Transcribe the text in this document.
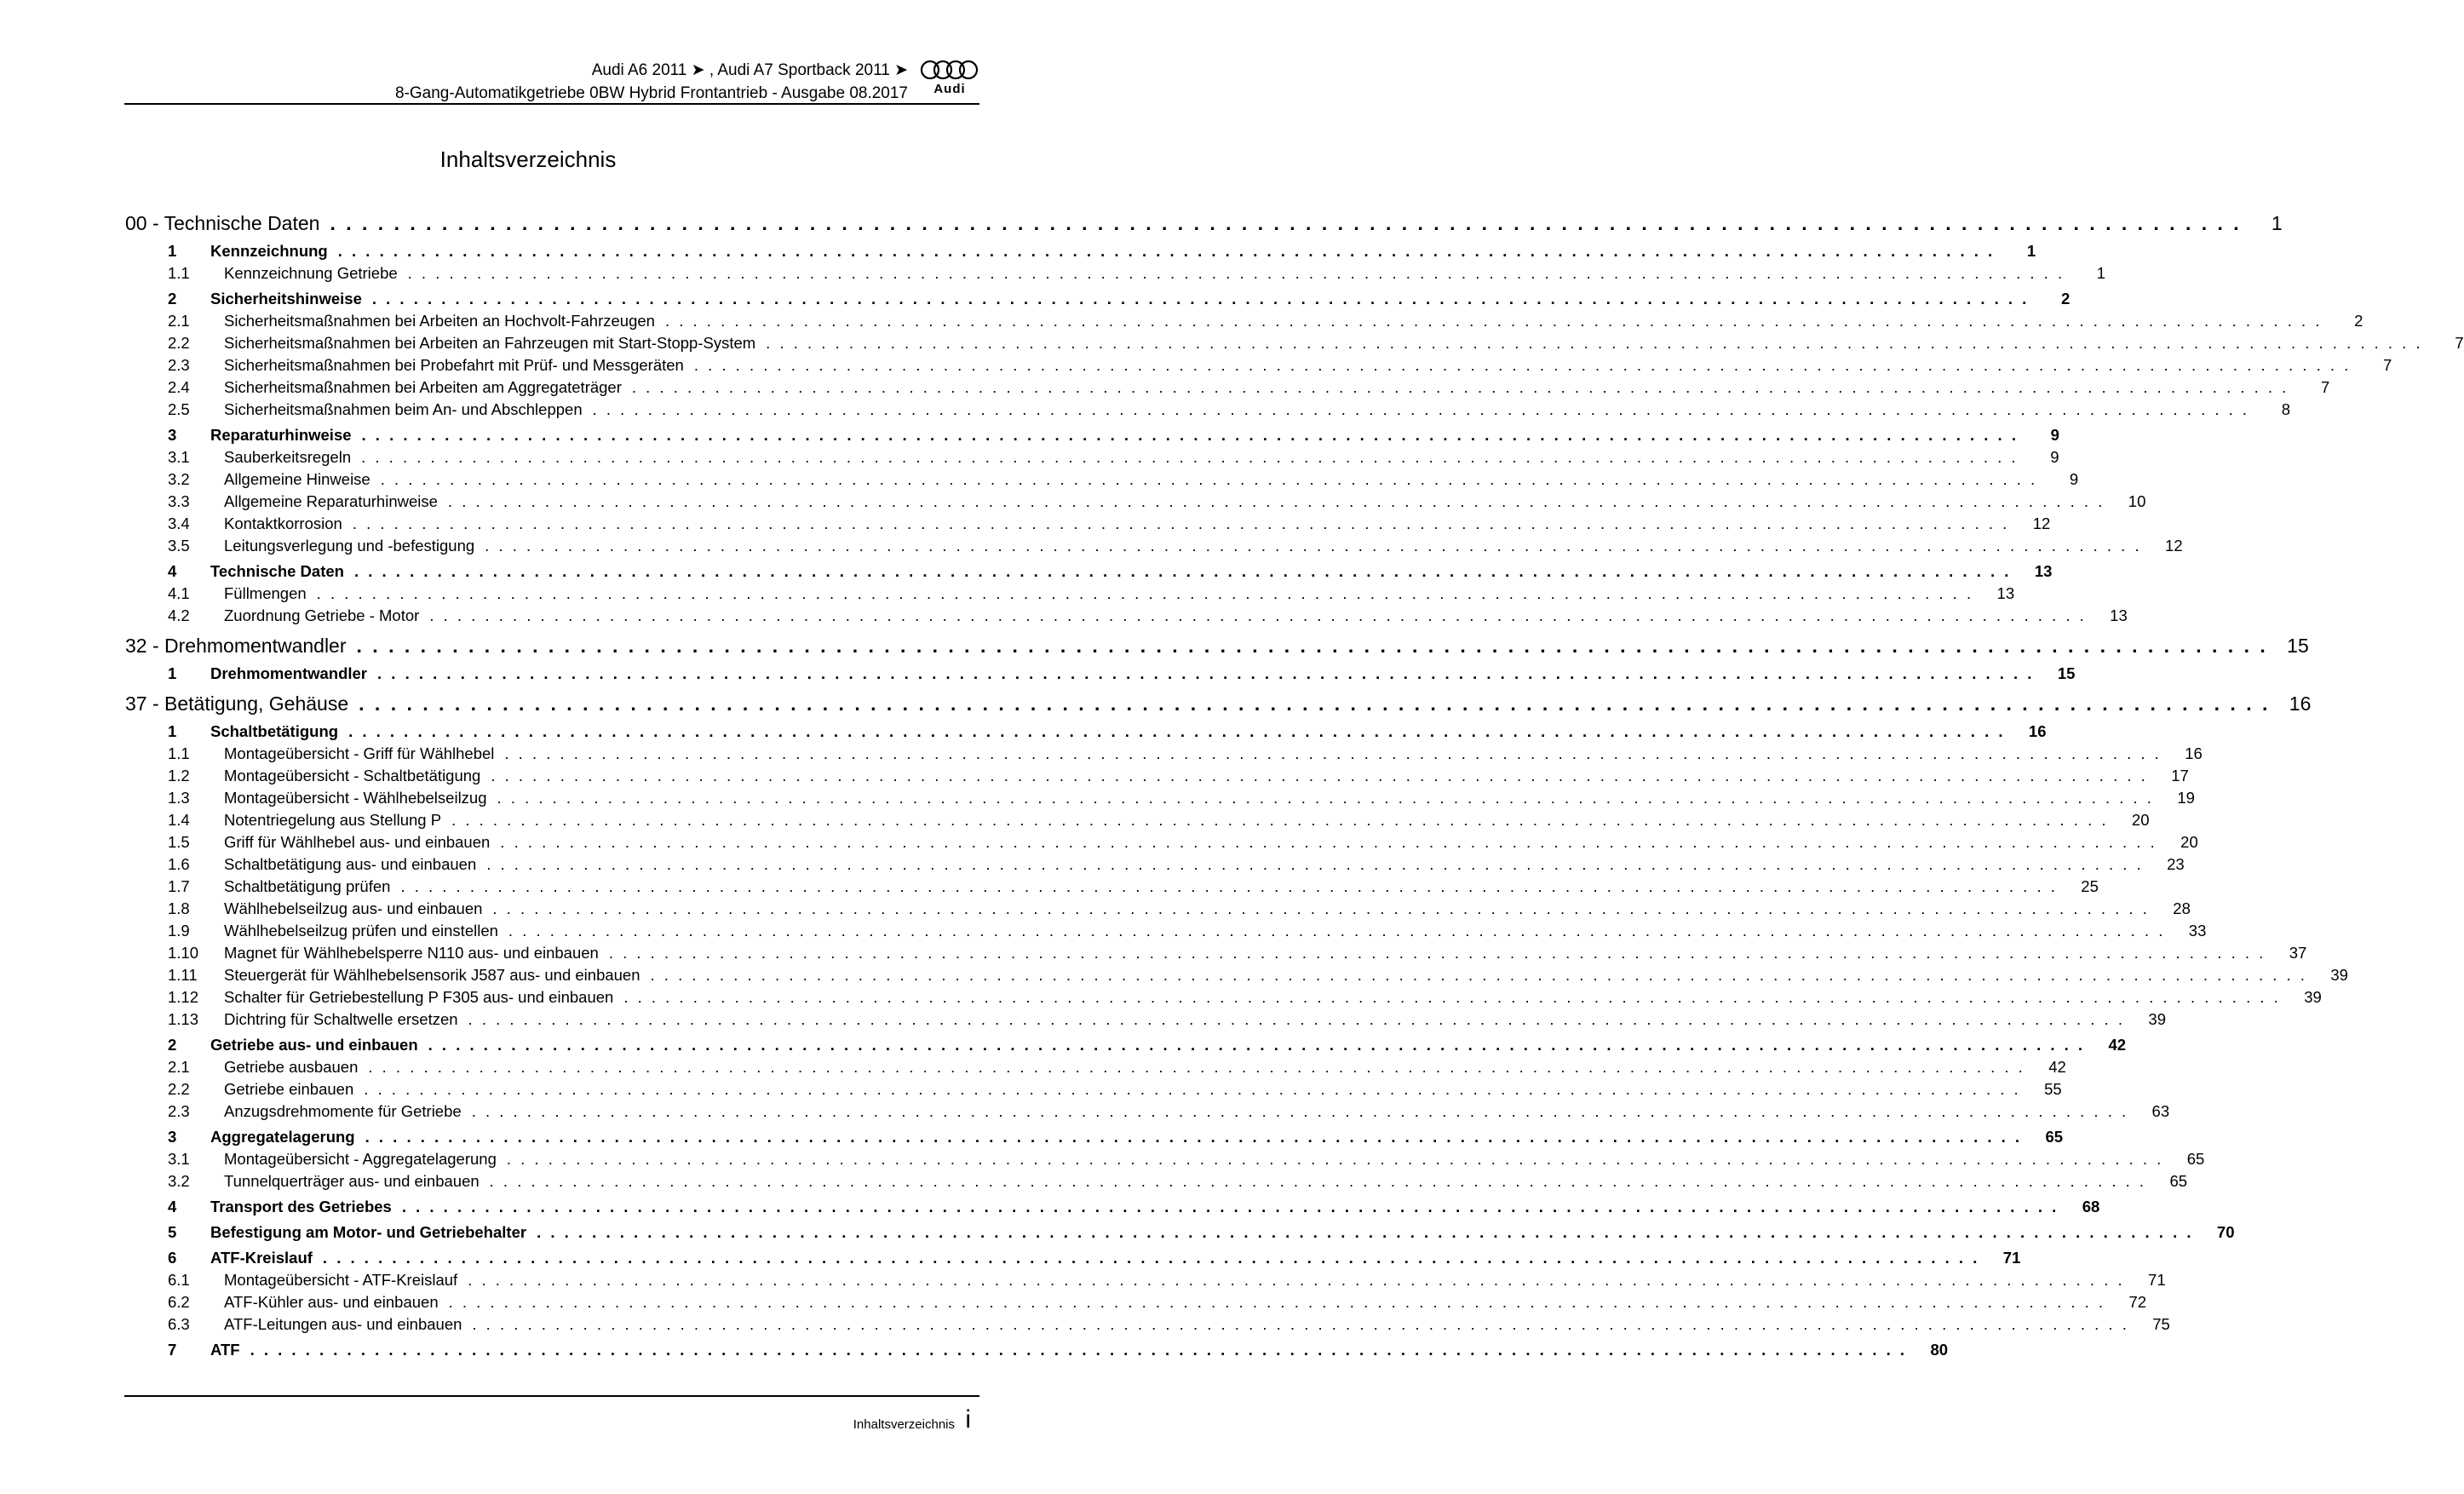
Audi A6 2011 ➤ , Audi A7 Sportback 2011 ➤
8-Gang-Automatikgetriebe 0BW Hybrid Frontantrieb - Ausgabe 08.2017	Audi
Inhaltsverzeichnis
00 - Technische Daten . . . . . . . . . . . . . . . . . . . . . . . . . . . . . . . . . . . . . . . . . . . . . . . . . . . . . . . . . . . . . . . . . . . . . . . . . . . . . . . . . . . . . . . . . . . . . . . . . . . . . . . . . . . . . . . . . . . . . . . .	1
1	Kennzeichnung . . . . . . . . . . . . . . . . . . . . . . . . . . . . . . . . . . . . . . . . . . . . . . . . . . . . . . . . . . . . . . . . . . . . . . . . . . . . . . . . . . . . . . . . . . . . . . . . . . . . . . . . . . . . . . . . . . . . . . . .	1
1.1	Kennzeichnung Getriebe . . . . . . . . . . . . . . . . . . . . . . . . . . . . . . . . . . . . . . . . . . . . . . . . . . . . . . . . . . . . . . . . . . . . . . . . . . . . . . . . . . . . . . . . . . . . . . . . . . . . . . . . . . . . . . . . . . . . . . . .	1
2	Sicherheitshinweise . . . . . . . . . . . . . . . . . . . . . . . . . . . . . . . . . . . . . . . . . . . . . . . . . . . . . . . . . . . . . . . . . . . . . . . . . . . . . . . . . . . . . . . . . . . . . . . . . . . . . . . . . . . . . . . . . . . . . . . .	2
2.1	Sicherheitsmaßnahmen bei Arbeiten an Hochvolt-Fahrzeugen . . . . . . . . . . . . . . . . . . . . . . . . . . . . . . . . . . . . . . . . . . . . . . . . . . . . . . . . . . . . . . . . . . . . . . . . . . . . . . . . . . . . . . . . . . . . . . . . . . . . . . . . . . . . . . . . . . . . . . . .	2
2.2	Sicherheitsmaßnahmen bei Arbeiten an Fahrzeugen mit Start-Stopp-System . . . . . . . . . . . . . . . . . . . . . . . . . . . . . . . . . . . . . . . . . . . . . . . . . . . . . . . . . . . . . . . . . . . . . . . . . . . . . . . . . . . . . . . . . . . . . . . . . . . . . . . . . . . . . . . . . . . . . . . .	7
2.3	Sicherheitsmaßnahmen bei Probefahrt mit Prüf- und Messgeräten . . . . . . . . . . . . . . . . . . . . . . . . . . . . . . . . . . . . . . . . . . . . . . . . . . . . . . . . . . . . . . . . . . . . . . . . . . . . . . . . . . . . . . . . . . . . . . . . . . . . . . . . . . . . . . . . . . . . . . . .	7
2.4	Sicherheitsmaßnahmen bei Arbeiten am Aggregateträger . . . . . . . . . . . . . . . . . . . . . . . . . . . . . . . . . . . . . . . . . . . . . . . . . . . . . . . . . . . . . . . . . . . . . . . . . . . . . . . . . . . . . . . . . . . . . . . . . . . . . . . . . . . . . . . . . . . . . . . .	7
2.5	Sicherheitsmaßnahmen beim An- und Abschleppen . . . . . . . . . . . . . . . . . . . . . . . . . . . . . . . . . . . . . . . . . . . . . . . . . . . . . . . . . . . . . . . . . . . . . . . . . . . . . . . . . . . . . . . . . . . . . . . . . . . . . . . . . . . . . . . . . . . . . . . .	8
3	Reparaturhinweise . . . . . . . . . . . . . . . . . . . . . . . . . . . . . . . . . . . . . . . . . . . . . . . . . . . . . . . . . . . . . . . . . . . . . . . . . . . . . . . . . . . . . . . . . . . . . . . . . . . . . . . . . . . . . . . . . . . . . . . .	9
3.1	Sauberkeitsregeln . . . . . . . . . . . . . . . . . . . . . . . . . . . . . . . . . . . . . . . . . . . . . . . . . . . . . . . . . . . . . . . . . . . . . . . . . . . . . . . . . . . . . . . . . . . . . . . . . . . . . . . . . . . . . . . . . . . . . . . .	9
3.2	Allgemeine Hinweise . . . . . . . . . . . . . . . . . . . . . . . . . . . . . . . . . . . . . . . . . . . . . . . . . . . . . . . . . . . . . . . . . . . . . . . . . . . . . . . . . . . . . . . . . . . . . . . . . . . . . . . . . . . . . . . . . . . . . . . .	9
3.3	Allgemeine Reparaturhinweise . . . . . . . . . . . . . . . . . . . . . . . . . . . . . . . . . . . . . . . . . . . . . . . . . . . . . . . . . . . . . . . . . . . . . . . . . . . . . . . . . . . . . . . . . . . . . . . . . . . . . . . . . . . . . . . . . . . . . . . .	10
3.4	Kontaktkorrosion . . . . . . . . . . . . . . . . . . . . . . . . . . . . . . . . . . . . . . . . . . . . . . . . . . . . . . . . . . . . . . . . . . . . . . . . . . . . . . . . . . . . . . . . . . . . . . . . . . . . . . . . . . . . . . . . . . . . . . . .	12
3.5	Leitungsverlegung und -befestigung . . . . . . . . . . . . . . . . . . . . . . . . . . . . . . . . . . . . . . . . . . . . . . . . . . . . . . . . . . . . . . . . . . . . . . . . . . . . . . . . . . . . . . . . . . . . . . . . . . . . . . . . . . . . . . . . . . . . . . . .	12
4	Technische Daten . . . . . . . . . . . . . . . . . . . . . . . . . . . . . . . . . . . . . . . . . . . . . . . . . . . . . . . . . . . . . . . . . . . . . . . . . . . . . . . . . . . . . . . . . . . . . . . . . . . . . . . . . . . . . . . . . . . . . . . .	13
4.1	Füllmengen . . . . . . . . . . . . . . . . . . . . . . . . . . . . . . . . . . . . . . . . . . . . . . . . . . . . . . . . . . . . . . . . . . . . . . . . . . . . . . . . . . . . . . . . . . . . . . . . . . . . . . . . . . . . . . . . . . . . . . . .	13
4.2	Zuordnung Getriebe - Motor . . . . . . . . . . . . . . . . . . . . . . . . . . . . . . . . . . . . . . . . . . . . . . . . . . . . . . . . . . . . . . . . . . . . . . . . . . . . . . . . . . . . . . . . . . . . . . . . . . . . . . . . . . . . . . . . . . . . . . . .	13
32 - Drehmomentwandler . . . . . . . . . . . . . . . . . . . . . . . . . . . . . . . . . . . . . . . . . . . . . . . . . . . . . . . . . . . . . . . . . . . . . . . . . . . . . . . . . . . . . . . . . . . . . . . . . . . . . . . . . . . . . . . . . . . . . . . . 15
1	Drehmomentwandler . . . . . . . . . . . . . . . . . . . . . . . . . . . . . . . . . . . . . . . . . . . . . . . . . . . . . . . . . . . . . . . . . . . . . . . . . . . . . . . . . . . . . . . . . . . . . . . . . . . . . . . . . . . . . . . . . . . . . . . .	15
37 - Betätigung, Gehäuse . . . . . . . . . . . . . . . . . . . . . . . . . . . . . . . . . . . . . . . . . . . . . . . . . . . . . . . . . . . . . . . . . . . . . . . . . . . . . . . . . . . . . . . . . . . . . . . . . . . . . . . . . . . . . . . . . . . . . . . . 16
1	Schaltbetätigung . . . . . . . . . . . . . . . . . . . . . . . . . . . . . . . . . . . . . . . . . . . . . . . . . . . . . . . . . . . . . . . . . . . . . . . . . . . . . . . . . . . . . . . . . . . . . . . . . . . . . . . . . . . . . . . . . . . . . . . .	16
1.1	Montageübersicht - Griff für Wählhebel . . . . . . . . . . . . . . . . . . . . . . . . . . . . . . . . . . . . . . . . . . . . . . . . . . . . . . . . . . . . . . . . . . . . . . . . . . . . . . . . . . . . . . . . . . . . . . . . . . . . . . . . . . . . . . . . . . . . . . . .	16
1.2	Montageübersicht - Schaltbetätigung . . . . . . . . . . . . . . . . . . . . . . . . . . . . . . . . . . . . . . . . . . . . . . . . . . . . . . . . . . . . . . . . . . . . . . . . . . . . . . . . . . . . . . . . . . . . . . . . . . . . . . . . . . . . . . . . . . . . . . . .	17
1.3	Montageübersicht - Wählhebelseilzug . . . . . . . . . . . . . . . . . . . . . . . . . . . . . . . . . . . . . . . . . . . . . . . . . . . . . . . . . . . . . . . . . . . . . . . . . . . . . . . . . . . . . . . . . . . . . . . . . . . . . . . . . . . . . . . . . . . . . . . .	19
1.4	Notentriegelung aus Stellung P . . . . . . . . . . . . . . . . . . . . . . . . . . . . . . . . . . . . . . . . . . . . . . . . . . . . . . . . . . . . . . . . . . . . . . . . . . . . . . . . . . . . . . . . . . . . . . . . . . . . . . . . . . . . . . . . . . . . . . . .	20
1.5	Griff für Wählhebel aus- und einbauen . . . . . . . . . . . . . . . . . . . . . . . . . . . . . . . . . . . . . . . . . . . . . . . . . . . . . . . . . . . . . . . . . . . . . . . . . . . . . . . . . . . . . . . . . . . . . . . . . . . . . . . . . . . . . . . . . . . . . . . .	20
1.6	Schaltbetätigung aus- und einbauen . . . . . . . . . . . . . . . . . . . . . . . . . . . . . . . . . . . . . . . . . . . . . . . . . . . . . . . . . . . . . . . . . . . . . . . . . . . . . . . . . . . . . . . . . . . . . . . . . . . . . . . . . . . . . . . . . . . . . . . .	23
1.7	Schaltbetätigung prüfen . . . . . . . . . . . . . . . . . . . . . . . . . . . . . . . . . . . . . . . . . . . . . . . . . . . . . . . . . . . . . . . . . . . . . . . . . . . . . . . . . . . . . . . . . . . . . . . . . . . . . . . . . . . . . . . . . . . . . . . .	25
1.8	Wählhebelseilzug aus- und einbauen . . . . . . . . . . . . . . . . . . . . . . . . . . . . . . . . . . . . . . . . . . . . . . . . . . . . . . . . . . . . . . . . . . . . . . . . . . . . . . . . . . . . . . . . . . . . . . . . . . . . . . . . . . . . . . . . . . . . . . . .	28
1.9	Wählhebelseilzug prüfen und einstellen . . . . . . . . . . . . . . . . . . . . . . . . . . . . . . . . . . . . . . . . . . . . . . . . . . . . . . . . . . . . . . . . . . . . . . . . . . . . . . . . . . . . . . . . . . . . . . . . . . . . . . . . . . . . . . . . . . . . . . . .	33
1.10	Magnet für Wählhebelsperre N110 aus- und einbauen . . . . . . . . . . . . . . . . . . . . . . . . . . . . . . . . . . . . . . . . . . . . . . . . . . . . . . . . . . . . . . . . . . . . . . . . . . . . . . . . . . . . . . . . . . . . . . . . . . . . . . . . . . . . . . . . . . . . . . . .	37
1.11	Steuergerät für Wählhebelsensorik J587 aus- und einbauen . . . . . . . . . . . . . . . . . . . . . . . . . . . . . . . . . . . . . . . . . . . . . . . . . . . . . . . . . . . . . . . . . . . . . . . . . . . . . . . . . . . . . . . . . . . . . . . . . . . . . . . . . . . . . . . . . . . . . . . .	39
1.12	Schalter für Getriebestellung P F305 aus- und einbauen . . . . . . . . . . . . . . . . . . . . . . . . . . . . . . . . . . . . . . . . . . . . . . . . . . . . . . . . . . . . . . . . . . . . . . . . . . . . . . . . . . . . . . . . . . . . . . . . . . . . . . . . . . . . . . . . . . . . . . . .	39
1.13	Dichtring für Schaltwelle ersetzen . . . . . . . . . . . . . . . . . . . . . . . . . . . . . . . . . . . . . . . . . . . . . . . . . . . . . . . . . . . . . . . . . . . . . . . . . . . . . . . . . . . . . . . . . . . . . . . . . . . . . . . . . . . . . . . . . . . . . . . .	39
2	Getriebe aus- und einbauen . . . . . . . . . . . . . . . . . . . . . . . . . . . . . . . . . . . . . . . . . . . . . . . . . . . . . . . . . . . . . . . . . . . . . . . . . . . . . . . . . . . . . . . . . . . . . . . . . . . . . . . . . . . . . . . . . . . . . . . .	42
2.1	Getriebe ausbauen . . . . . . . . . . . . . . . . . . . . . . . . . . . . . . . . . . . . . . . . . . . . . . . . . . . . . . . . . . . . . . . . . . . . . . . . . . . . . . . . . . . . . . . . . . . . . . . . . . . . . . . . . . . . . . . . . . . . . . . .	42
2.2	Getriebe einbauen . . . . . . . . . . . . . . . . . . . . . . . . . . . . . . . . . . . . . . . . . . . . . . . . . . . . . . . . . . . . . . . . . . . . . . . . . . . . . . . . . . . . . . . . . . . . . . . . . . . . . . . . . . . . . . . . . . . . . . . .	55
2.3	Anzugsdrehmomente für Getriebe . . . . . . . . . . . . . . . . . . . . . . . . . . . . . . . . . . . . . . . . . . . . . . . . . . . . . . . . . . . . . . . . . . . . . . . . . . . . . . . . . . . . . . . . . . . . . . . . . . . . . . . . . . . . . . . . . . . . . . . .	63
3	Aggregatelagerung . . . . . . . . . . . . . . . . . . . . . . . . . . . . . . . . . . . . . . . . . . . . . . . . . . . . . . . . . . . . . . . . . . . . . . . . . . . . . . . . . . . . . . . . . . . . . . . . . . . . . . . . . . . . . . . . . . . . . . . .	65
3.1	Montageübersicht - Aggregatelagerung . . . . . . . . . . . . . . . . . . . . . . . . . . . . . . . . . . . . . . . . . . . . . . . . . . . . . . . . . . . . . . . . . . . . . . . . . . . . . . . . . . . . . . . . . . . . . . . . . . . . . . . . . . . . . . . . . . . . . . . .	65
3.2	Tunnelquerträger aus- und einbauen . . . . . . . . . . . . . . . . . . . . . . . . . . . . . . . . . . . . . . . . . . . . . . . . . . . . . . . . . . . . . . . . . . . . . . . . . . . . . . . . . . . . . . . . . . . . . . . . . . . . . . . . . . . . . . . . . . . . . . . .	65
4	Transport des Getriebes . . . . . . . . . . . . . . . . . . . . . . . . . . . . . . . . . . . . . . . . . . . . . . . . . . . . . . . . . . . . . . . . . . . . . . . . . . . . . . . . . . . . . . . . . . . . . . . . . . . . . . . . . . . . . . . . . . . . . . . .	68
5	Befestigung am Motor- und Getriebehalter . . . . . . . . . . . . . . . . . . . . . . . . . . . . . . . . . . . . . . . . . . . . . . . . . . . . . . . . . . . . . . . . . . . . . . . . . . . . . . . . . . . . . . . . . . . . . . . . . . . . . . . . . . . . . . . . . . . . . . . .	70
6	ATF-Kreislauf . . . . . . . . . . . . . . . . . . . . . . . . . . . . . . . . . . . . . . . . . . . . . . . . . . . . . . . . . . . . . . . . . . . . . . . . . . . . . . . . . . . . . . . . . . . . . . . . . . . . . . . . . . . . . . . . . . . . . . . .	71
6.1	Montageübersicht - ATF-Kreislauf . . . . . . . . . . . . . . . . . . . . . . . . . . . . . . . . . . . . . . . . . . . . . . . . . . . . . . . . . . . . . . . . . . . . . . . . . . . . . . . . . . . . . . . . . . . . . . . . . . . . . . . . . . . . . . . . . . . . . . . .	71
6.2	ATF-Kühler aus- und einbauen . . . . . . . . . . . . . . . . . . . . . . . . . . . . . . . . . . . . . . . . . . . . . . . . . . . . . . . . . . . . . . . . . . . . . . . . . . . . . . . . . . . . . . . . . . . . . . . . . . . . . . . . . . . . . . . . . . . . . . . .	72
6.3	ATF-Leitungen aus- und einbauen . . . . . . . . . . . . . . . . . . . . . . . . . . . . . . . . . . . . . . . . . . . . . . . . . . . . . . . . . . . . . . . . . . . . . . . . . . . . . . . . . . . . . . . . . . . . . . . . . . . . . . . . . . . . . . . . . . . . . . . .	75
7	ATF . . . . . . . . . . . . . . . . . . . . . . . . . . . . . . . . . . . . . . . . . . . . . . . . . . . . . . . . . . . . . . . . . . . . . . . . . . . . . . . . . . . . . . . . . . . . . . . . . . . . . . . . . . . . . . . . . . . . . . . .	80
Inhaltsverzeichnis i
